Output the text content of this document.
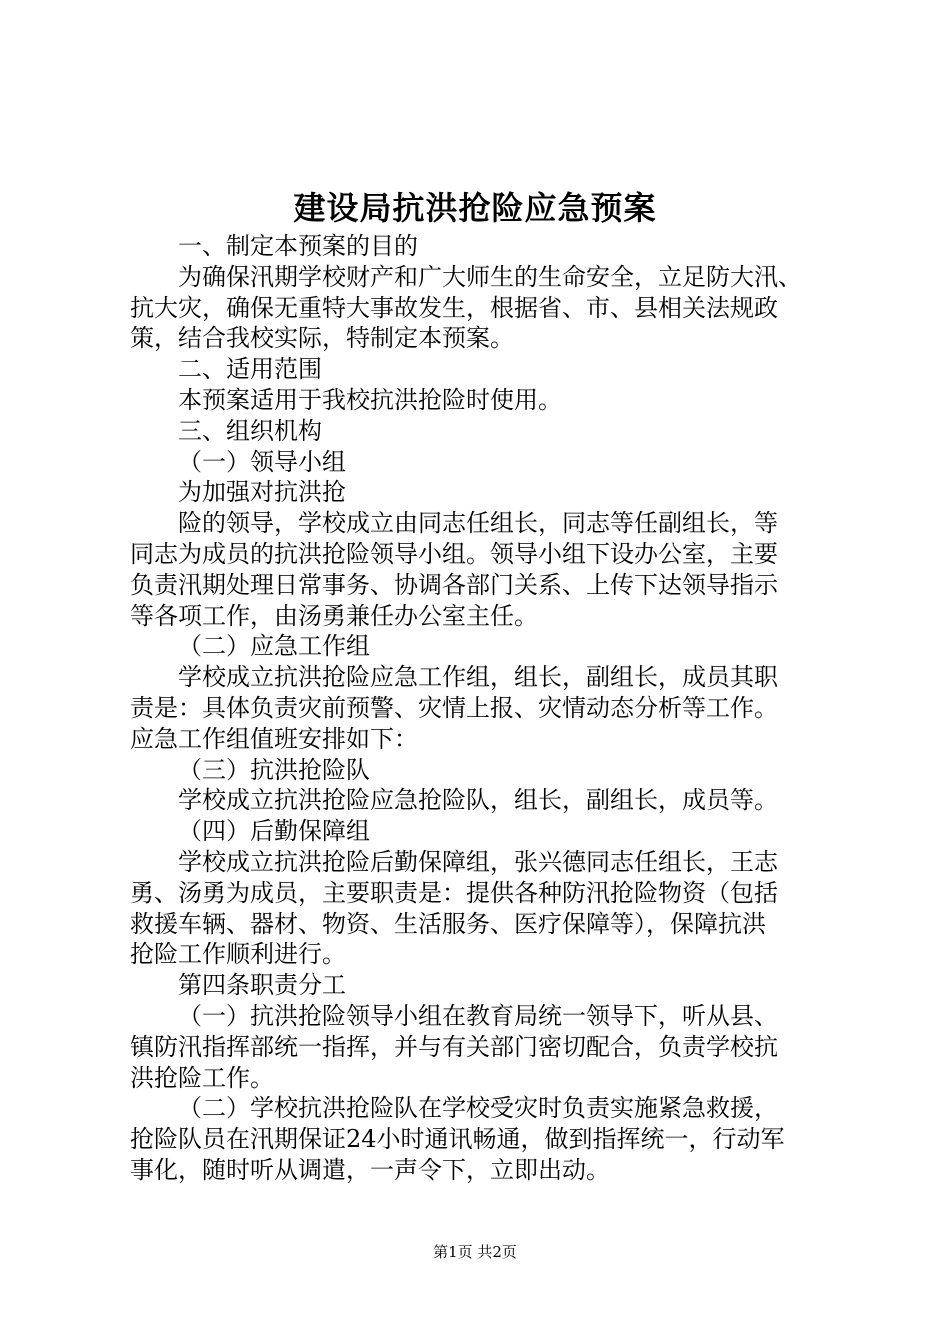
建设局抗洪抢险应急预案
一、制定本预案的目的
为确保汛期学校财产和广大师生的生命安全，立足防大汛、
抗大灾，确保无重特大事故发生，根据省、市、县相关法规政
策，结合我校实际，特制定本预案。
二、适用范围
本预案适用于我校抗洪抢险时使用。
三、组织机构
（一）领导小组
为加强对抗洪抢
险的领导，学校成立由同志任组长，同志等任副组长，等
同志为成员的抗洪抢险领导小组。领导小组下设办公室，主要
负责汛期处理日常事务、协调各部门关系、上传下达领导指示
等各项工作，由汤勇兼任办公室主任。
（二）应急工作组
学校成立抗洪抢险应急工作组，组长，副组长，成员其职
责是：具体负责灾前预警、灾情上报、灾情动态分析等工作。
应急工作组值班安排如下：
（三）抗洪抢险队
学校成立抗洪抢险应急抢险队，组长，副组长，成员等。
（四）后勤保障组
学校成立抗洪抢险后勤保障组，张兴德同志任组长，王志
勇、汤勇为成员，主要职责是：提供各种防汛抢险物资（包括
救援车辆、器材、物资、生活服务、医疗保障等），保障抗洪
抢险工作顺利进行。
第四条职责分工
（一）抗洪抢险领导小组在教育局统一领导下，听从县、
镇防汛指挥部统一指挥，并与有关部门密切配合，负责学校抗
洪抢险工作。
（二）学校抗洪抢险队在学校受灾时负责实施紧急救援，
抢险队员在汛期保证24小时通讯畅通，做到指挥统一，行动军
事化，随时听从调遣，一声令下，立即出动。
第1页 共2页
